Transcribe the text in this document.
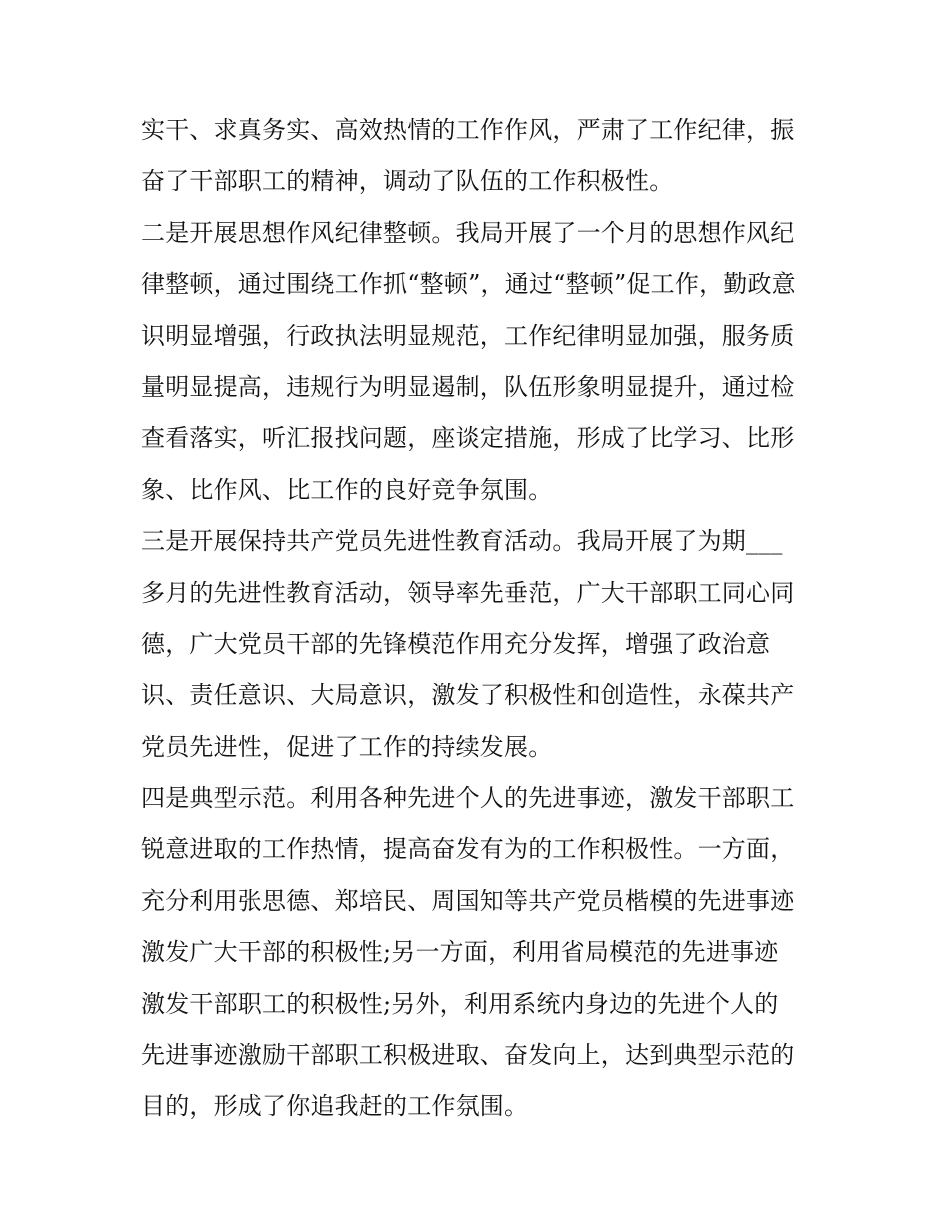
实干、求真务实、高效热情的工作作风，严肃了工作纪律，振
奋了干部职工的精神，调动了队伍的工作积极性。
二是开展思想作风纪律整顿。我局开展了一个月的思想作风纪
律整顿，通过围绕工作抓“整顿”，通过“整顿”促工作，勤政意
识明显增强，行政执法明显规范，工作纪律明显加强，服务质
量明显提高，违规行为明显遏制，队伍形象明显提升，通过检
查看落实，听汇报找问题，座谈定措施，形成了比学习、比形
象、比作风、比工作的良好竞争氛围。
三是开展保持共产党员先进性教育活动。我局开展了为期___
多月的先进性教育活动，领导率先垂范，广大干部职工同心同
德，广大党员干部的先锋模范作用充分发挥，增强了政治意
识、责任意识、大局意识，激发了积极性和创造性，永葆共产
党员先进性，促进了工作的持续发展。
四是典型示范。利用各种先进个人的先进事迹，激发干部职工
锐意进取的工作热情，提高奋发有为的工作积极性。一方面，
充分利用张思德、郑培民、周国知等共产党员楷模的先进事迹
激发广大干部的积极性;另一方面，利用省局模范的先进事迹
激发干部职工的积极性;另外，利用系统内身边的先进个人的
先进事迹激励干部职工积极进取、奋发向上，达到典型示范的
目的，形成了你追我赶的工作氛围。
